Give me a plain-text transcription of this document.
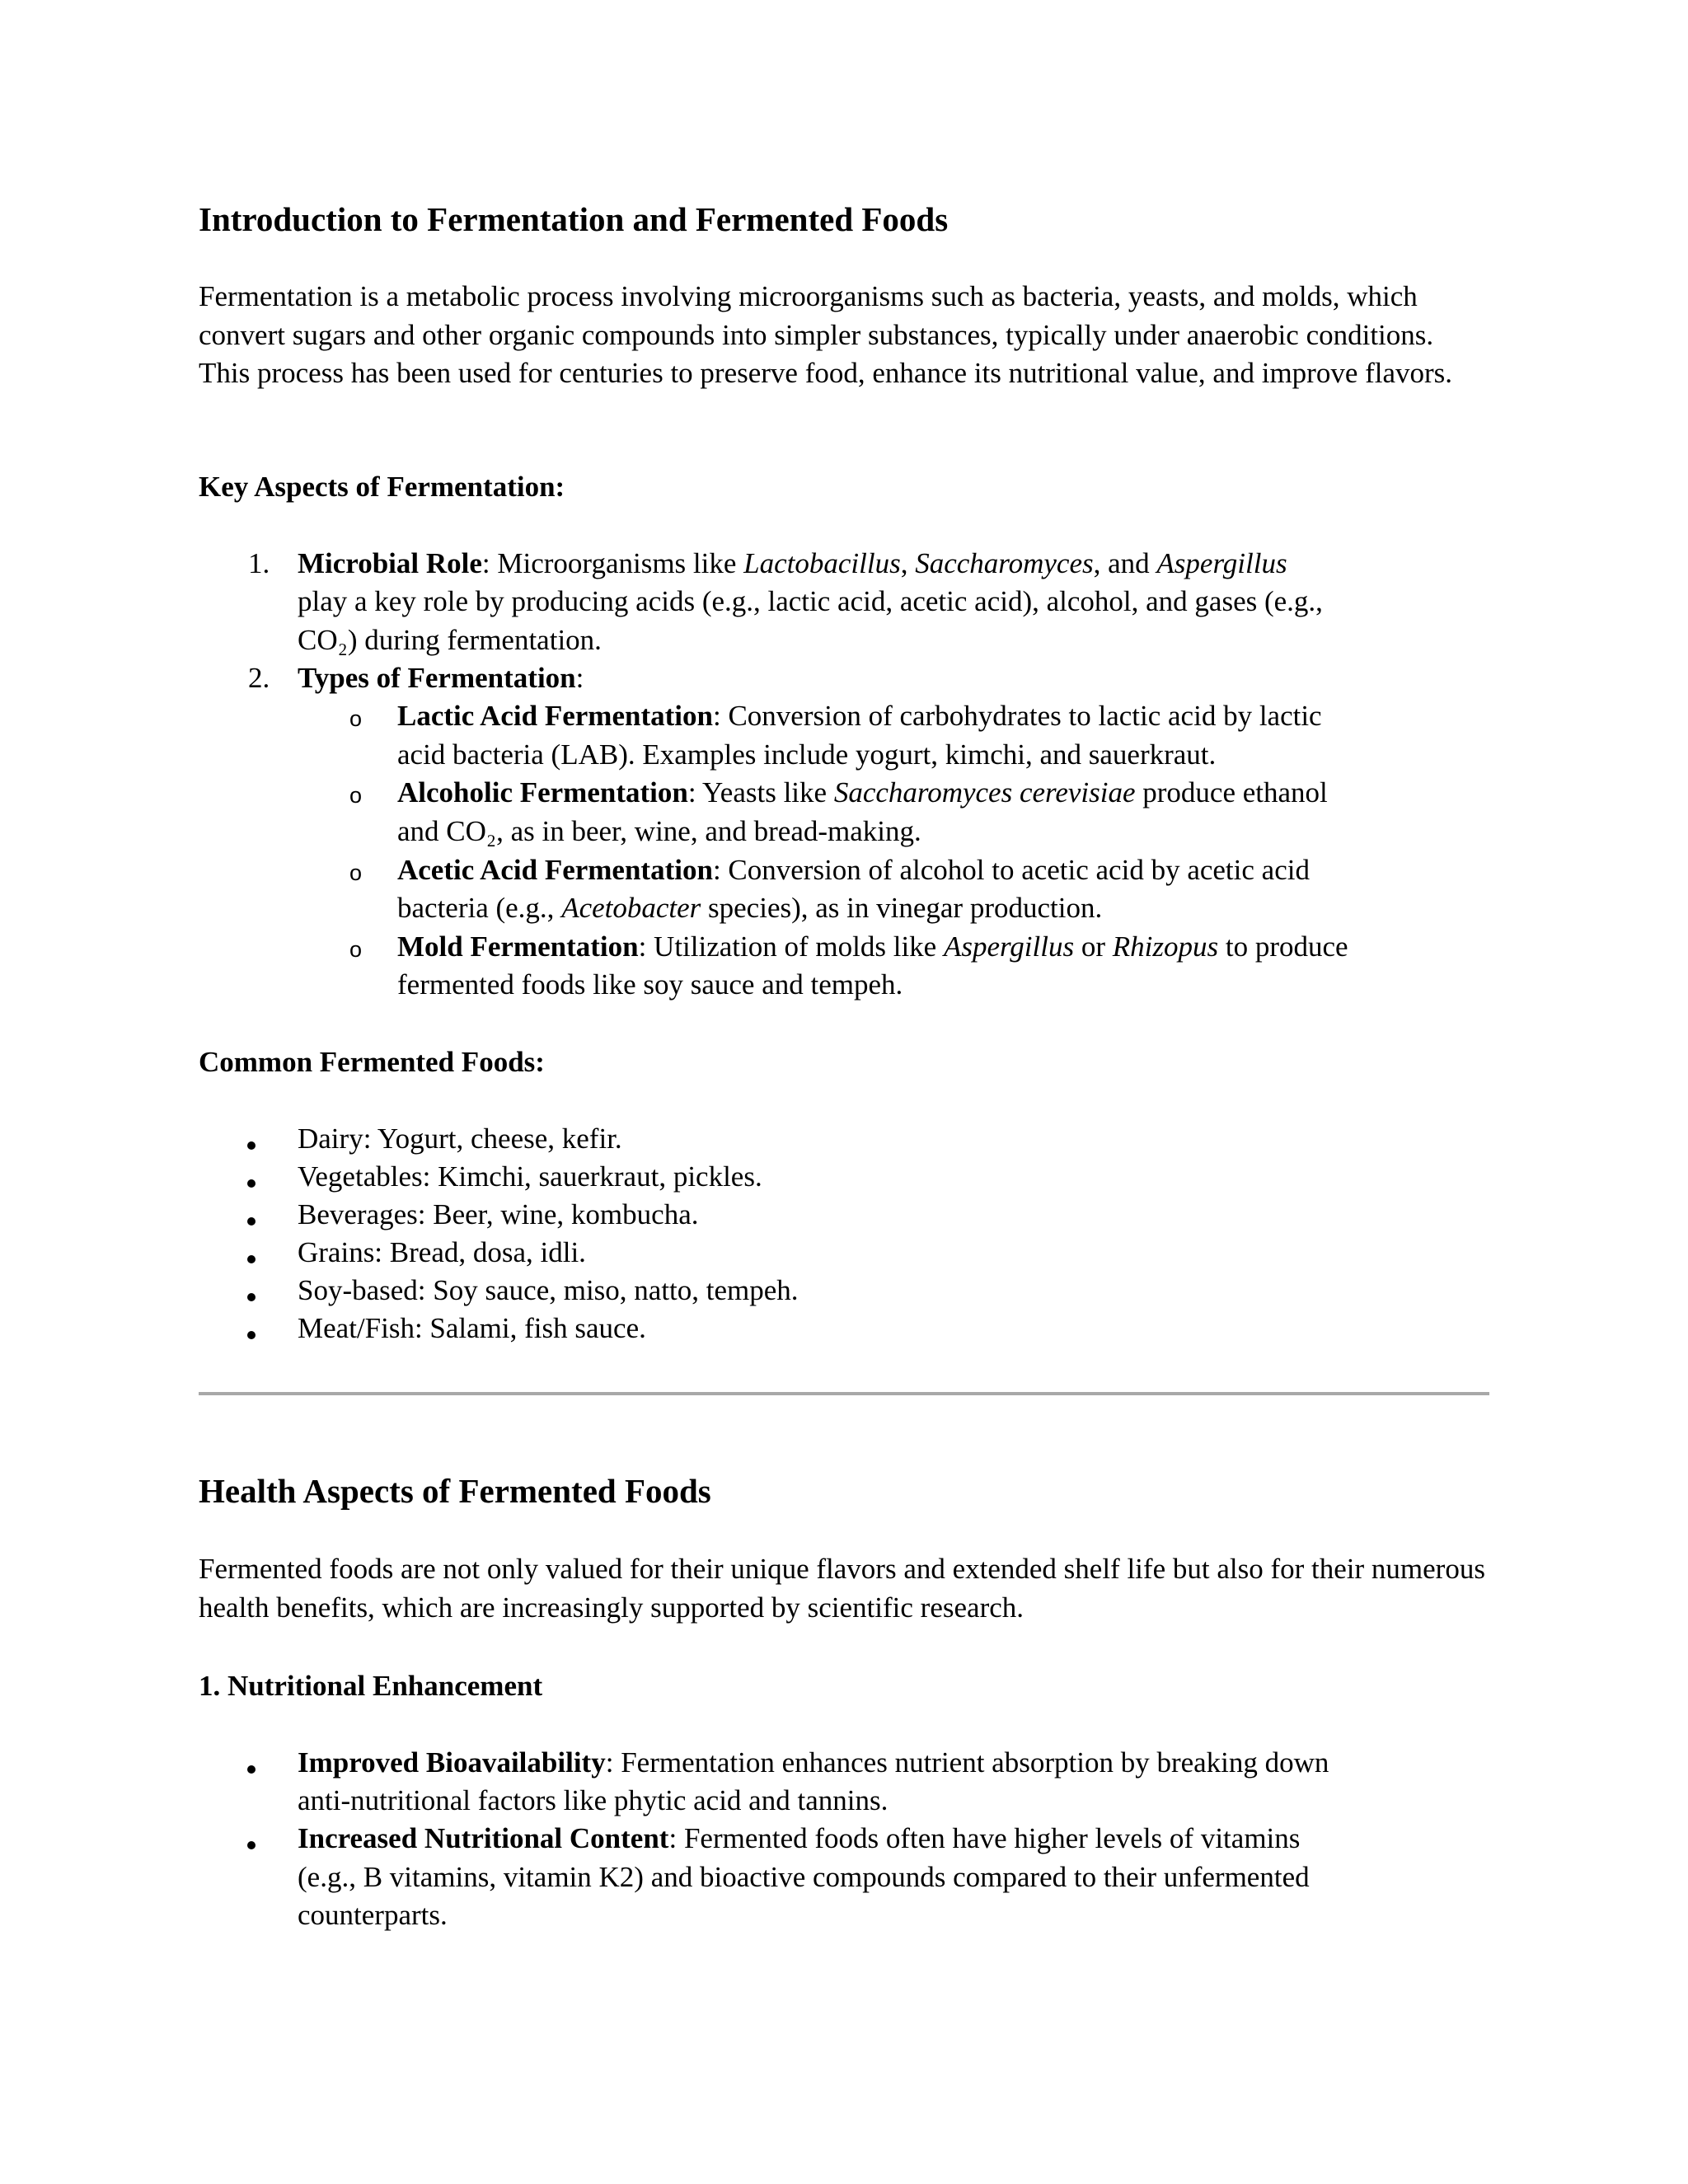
Introduction to Fermentation and Fermented Foods

Fermentation is a metabolic process involving microorganisms such as bacteria, yeasts, and molds, which convert sugars and other organic compounds into simpler substances, typically under anaerobic conditions. This process has been used for centuries to preserve food, enhance its nutritional value, and improve flavors.

Key Aspects of Fermentation:
1. Microbial Role: Microorganisms like Lactobacillus, Saccharomyces, and Aspergillus
play a key role by producing acids (e.g., lactic acid, acetic acid), alcohol, and gases (e.g.,
CO₂) during fermentation.
2. Types of Fermentation:
o Lactic Acid Fermentation: Conversion of carbohydrates to lactic acid by lactic
acid bacteria (LAB). Examples include yogurt, kimchi, and sauerkraut.
o Alcoholic Fermentation: Yeasts like Saccharomyces cerevisiae produce ethanol
and CO₂, as in beer, wine, and bread-making.
o Acetic Acid Fermentation: Conversion of alcohol to acetic acid by acetic acid
bacteria (e.g., Acetobacter species), as in vinegar production.
o Mold Fermentation: Utilization of molds like Aspergillus or Rhizopus to produce
fermented foods like soy sauce and tempeh.
Common Fermented Foods:
Dairy: Yogurt, cheese, kefir.
Vegetables: Kimchi, sauerkraut, pickles.
Beverages: Beer, wine, kombucha.
Grains: Bread, dosa, idli.
Soy-based: Soy sauce, miso, natto, tempeh.
Meat/Fish: Salami, fish sauce.
Health Aspects of Fermented Foods

Fermented foods are not only valued for their unique flavors and extended shelf life but also for their numerous health benefits, which are increasingly supported by scientific research.

1. Nutritional Enhancement
Improved Bioavailability: Fermentation enhances nutrient absorption by breaking down
anti-nutritional factors like phytic acid and tannins.
Increased Nutritional Content: Fermented foods often have higher levels of vitamins
(e.g., B vitamins, vitamin K2) and bioactive compounds compared to their unfermented
counterparts.
